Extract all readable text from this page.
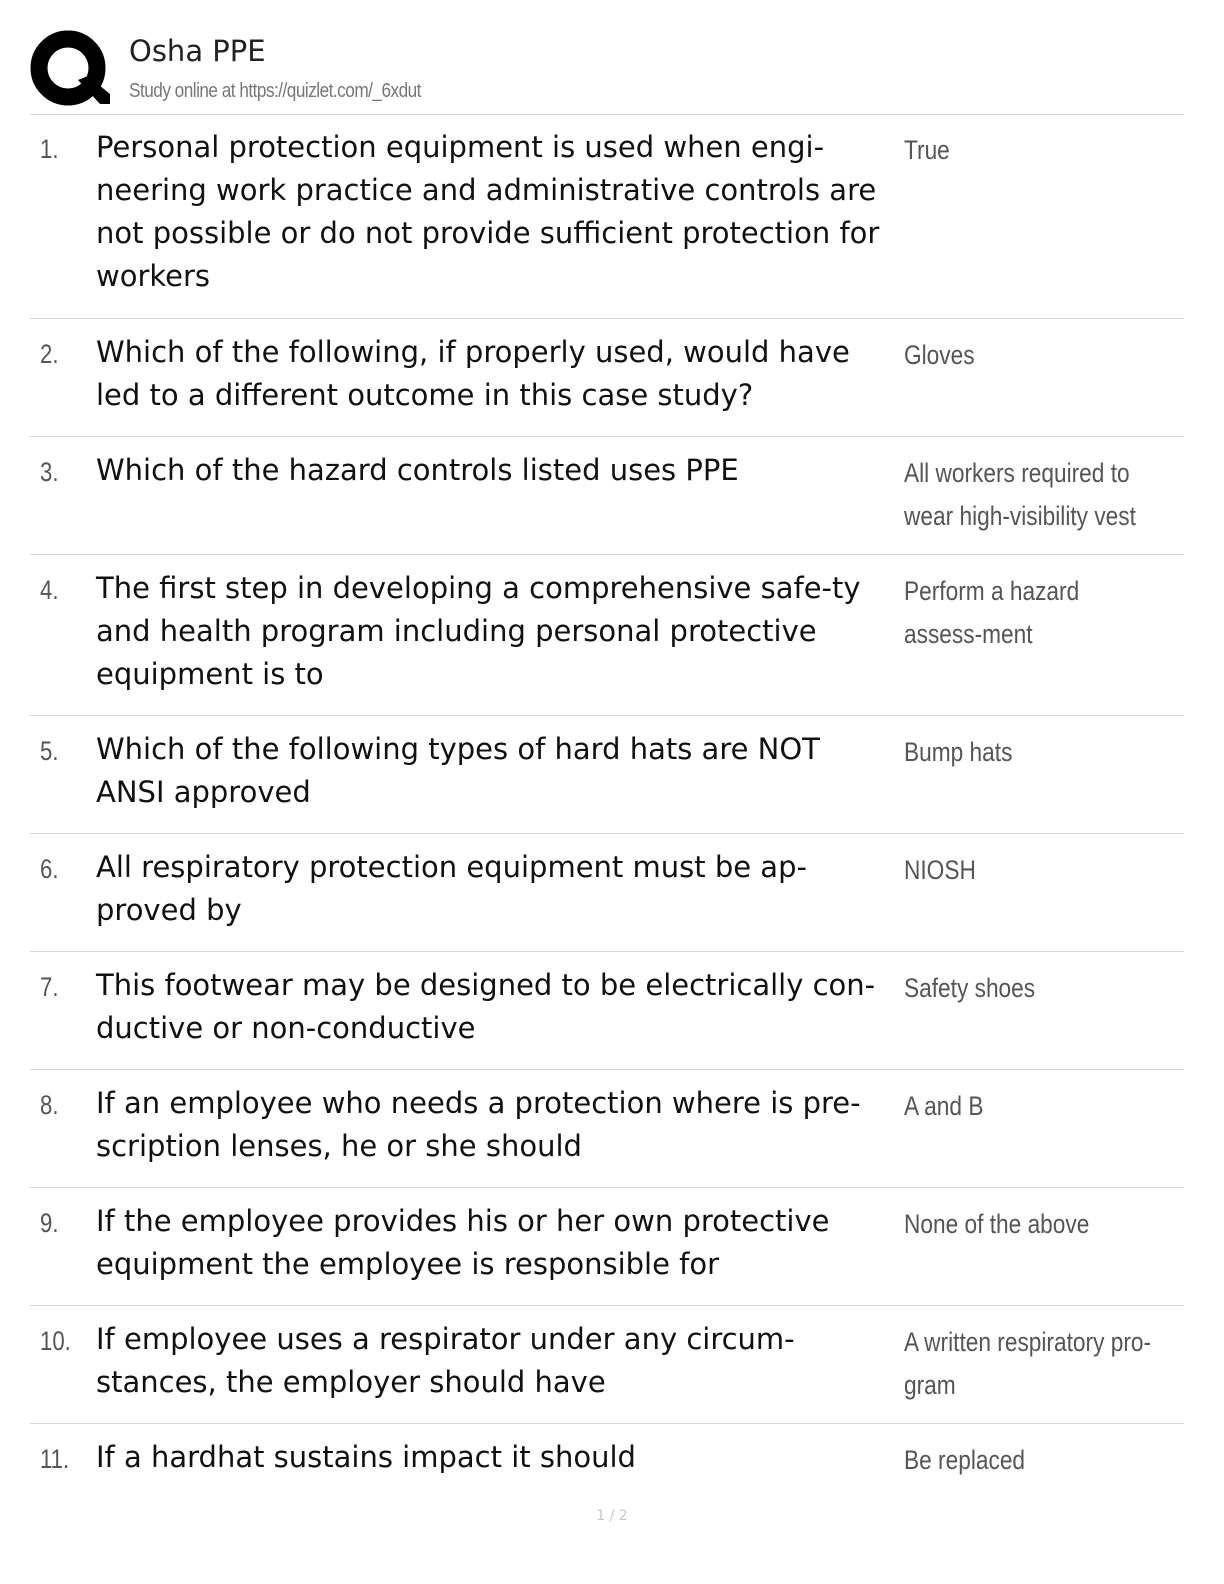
Osha PPE
Study online at https://quizlet.com/_6xdut
1. Personal protection equipment is used when engi-neering work practice and administrative controls are not possible or do not provide sufficient protection for workers
True
2. Which of the following, if properly used, would have led to a different outcome in this case study?
Gloves
3. Which of the hazard controls listed uses PPE	All workers required to wear high-visibility vest
4. The first step in developing a comprehensive safe-ty and health program including personal protective equipment is to
Perform a hazard assess-ment
5. Which of the following types of hard hats are NOT ANSI approved
Bump hats
6. All respiratory protection equipment must be ap-proved by
NIOSH
7. This footwear may be designed to be electrically con-ductive or non-conductive
Safety shoes
8. If an employee who needs a protection where is pre-scription lenses, he or she should
A and B
9. If the employee provides his or her own protective equipment the employee is responsible for
None of the above
10. If employee uses a respirator under any circum-stances, the employer should have
A written respiratory pro-gram
11. If a hardhat sustains impact it should	Be replaced
1 / 2
